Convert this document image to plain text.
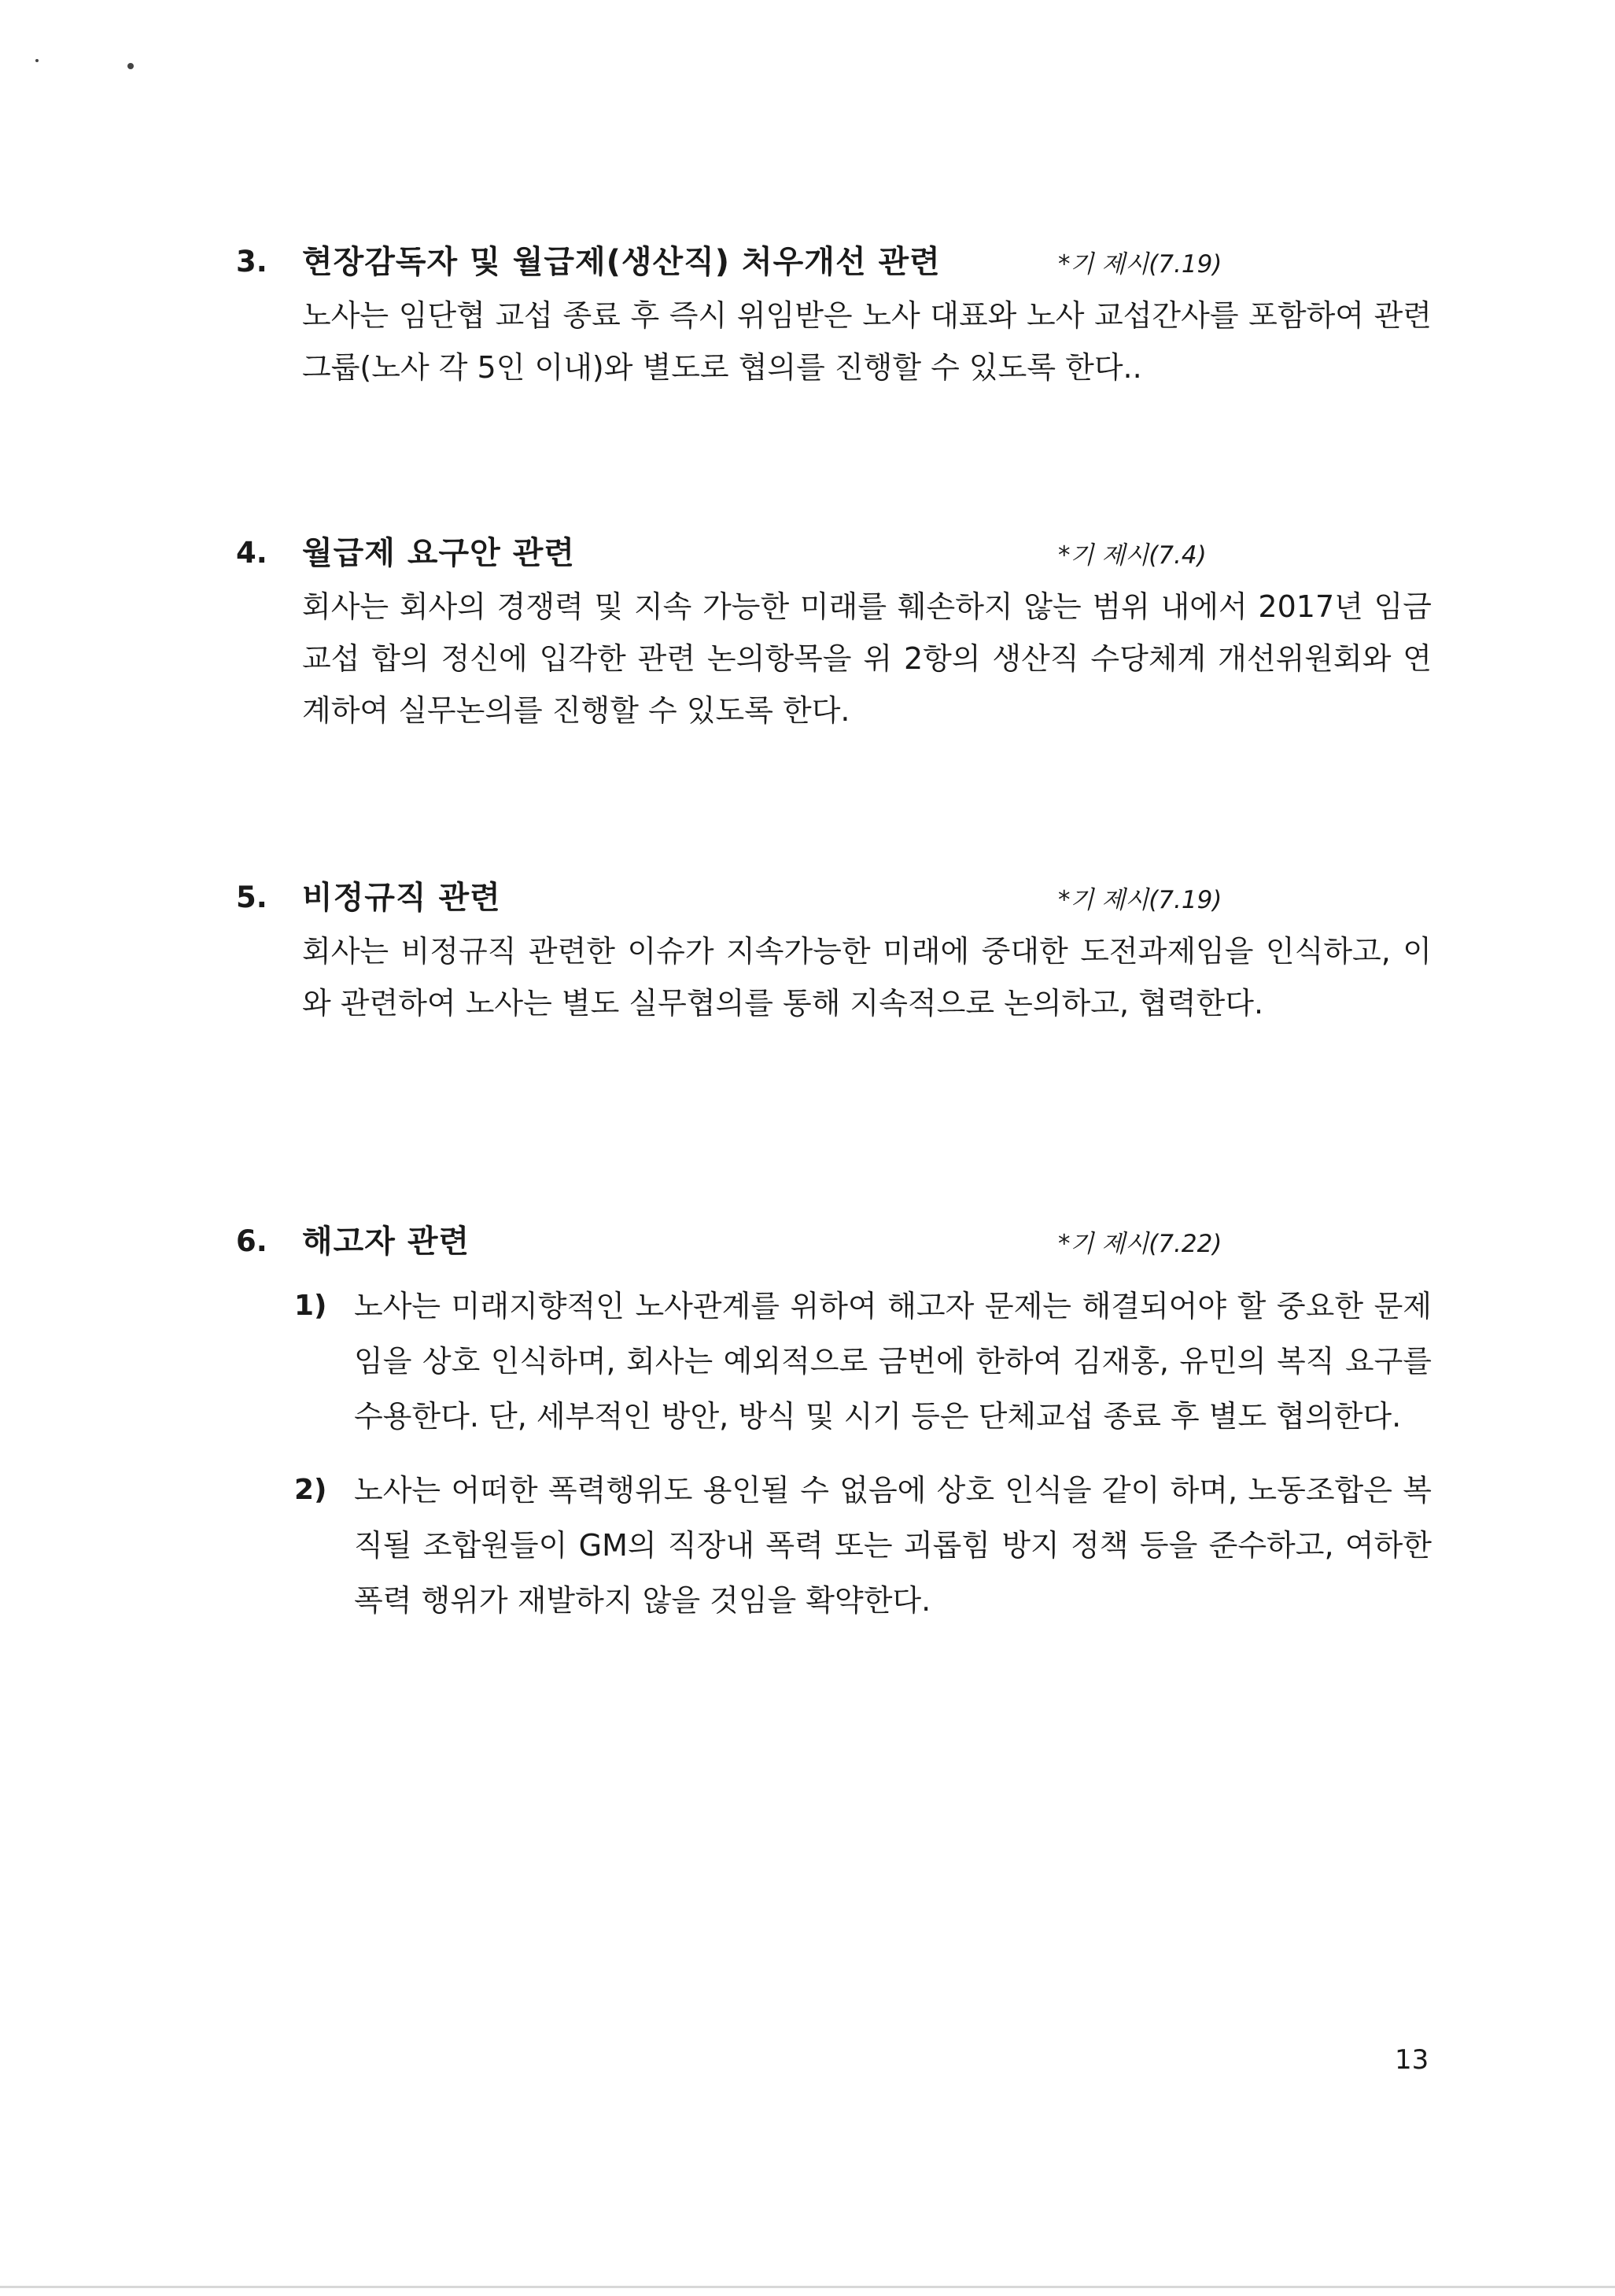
3. 현장감독자 및 월급제(생산직) 처우개선 관련	*기 제시(7.19)

노사는 임단협 교섭 종료 후 즉시 위임받은 노사 대표와 노사 교섭간사를 포함하여 관련 그룹(노사 각 5인 이내)와 별도로 협의를 진행할 수 있도록 한다..

4. 월급제 요구안 관련	*기 제시(7.4)

회사는 회사의 경쟁력 및 지속 가능한 미래를 훼손하지 않는 범위 내에서 2017년 임금교섭 합의 정신에 입각한 관련 논의항목을 위 2항의 생산직 수당체계 개선위원회와 연계하여 실무논의를 진행할 수 있도록 한다.

5. 비정규직 관련	*기 제시(7.19)

회사는 비정규직 관련한 이슈가 지속가능한 미래에 중대한 도전과제임을 인식하고, 이와 관련하여 노사는 별도 실무협의를 통해 지속적으로 논의하고, 협력한다.

6. 해고자 관련	*기 제시(7.22)
1) 노사는 미래지향적인 노사관계를 위하여 해고자 문제는 해결되어야 할 중요한 문제임을 상호 인식하며, 회사는 예외적으로 금번에 한하여 김재홍, 유민의 복직 요구를 수용한다. 단, 세부적인 방안, 방식 및 시기 등은 단체교섭 종료 후 별도 협의한다.

2) 노사는 어떠한 폭력행위도 용인될 수 없음에 상호 인식을 같이 하며, 노동조합은 복직될 조합원들이 GM의 직장내 폭력 또는 괴롭힘 방지 정책 등을 준수하고, 여하한 폭력 행위가 재발하지 않을 것임을 확약한다.

13
